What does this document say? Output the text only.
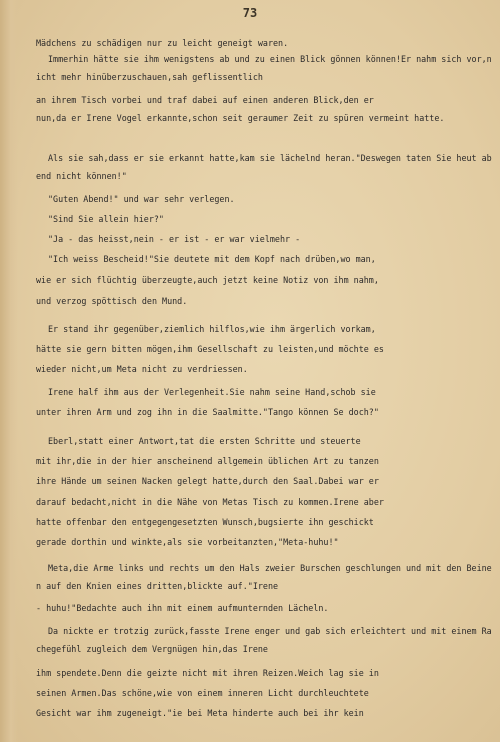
73
Mädchens zu schädigen nur zu leicht geneigt waren.
Immerhin hätte sie ihm wenigstens ab und zu einen Blick gönnen können!Er nahm sich vor,n
an ihrem Tisch vorbei und traf dabei auf einen anderen Blick,den er
nun,da er Irene Vogel erkannte,schon seit geraumer Zeit zu spüren vermeint hatte.
Als sie sah,dass er sie erkannt hatte,kam sie lächelnd heran."Deswegen taten Sie heut ab
"Guten Abend!" und war sehr verlegen.
"Sind Sie allein hier?"
"Ja - das heisst,nein - er ist - er war vielmehr -
"Ich weiss Bescheid!"Sie deutete mit dem Kopf nach drüben,wo man,
wie er sich flüchtig überzeugte,auch jetzt keine Notiz von ihm nahm,
und verzog spöttisch den Mund.
Er stand ihr gegenüber,ziemlich hilflos,wie ihm ärgerlich vorkam,
hätte sie gern bitten mögen,ihm Gesellschaft zu leisten,und möchte es
wieder nicht,um Meta nicht zu verdriessen.
Irene half ihm aus der Verlegenheit.Sie nahm seine Hand,schob sie
unter ihren Arm und zog ihn in die Saalmitte."Tango können Se doch?"
Eberl,statt einer Antwort,tat die ersten Schritte und steuerte
mit ihr,die in der hier anscheinend allgemein üblichen Art zu tanzen
ihre Hände um seinen Nacken gelegt hatte,durch den Saal.Dabei war er
darauf bedacht,nicht in die Nähe von Metas Tisch zu kommen.Irene aber
hatte offenbar den entgegengesetzten Wunsch,bugsierte ihn geschickt
gerade dorthin und winkte,als sie vorbeitanzten,"Meta-huhu!"
Meta,die Arme links und rechts um den Hals zweier Burschen geschlungen und mit den Beine
- huhu!"Bedachte auch ihn mit einem aufmunternden Lächeln.
Da nickte er trotzig zurück,fasste Irene enger und gab sich erleichtert und mit einem Ra
ihm spendete.Denn die geizte nicht mit ihren Reizen.Weich lag sie in
seinen Armen.Das schöne,wie von einem inneren Licht durchleuchtete
Gesicht war ihm zugeneigt."ie bei Meta hinderte auch bei ihr kein
icht mehr hinüberzuschauen,sah geflissentlich
end nicht können!"
n auf den Knien eines dritten,blickte auf."Irene
chegefühl zugleich dem Vergnügen hin,das Irene
